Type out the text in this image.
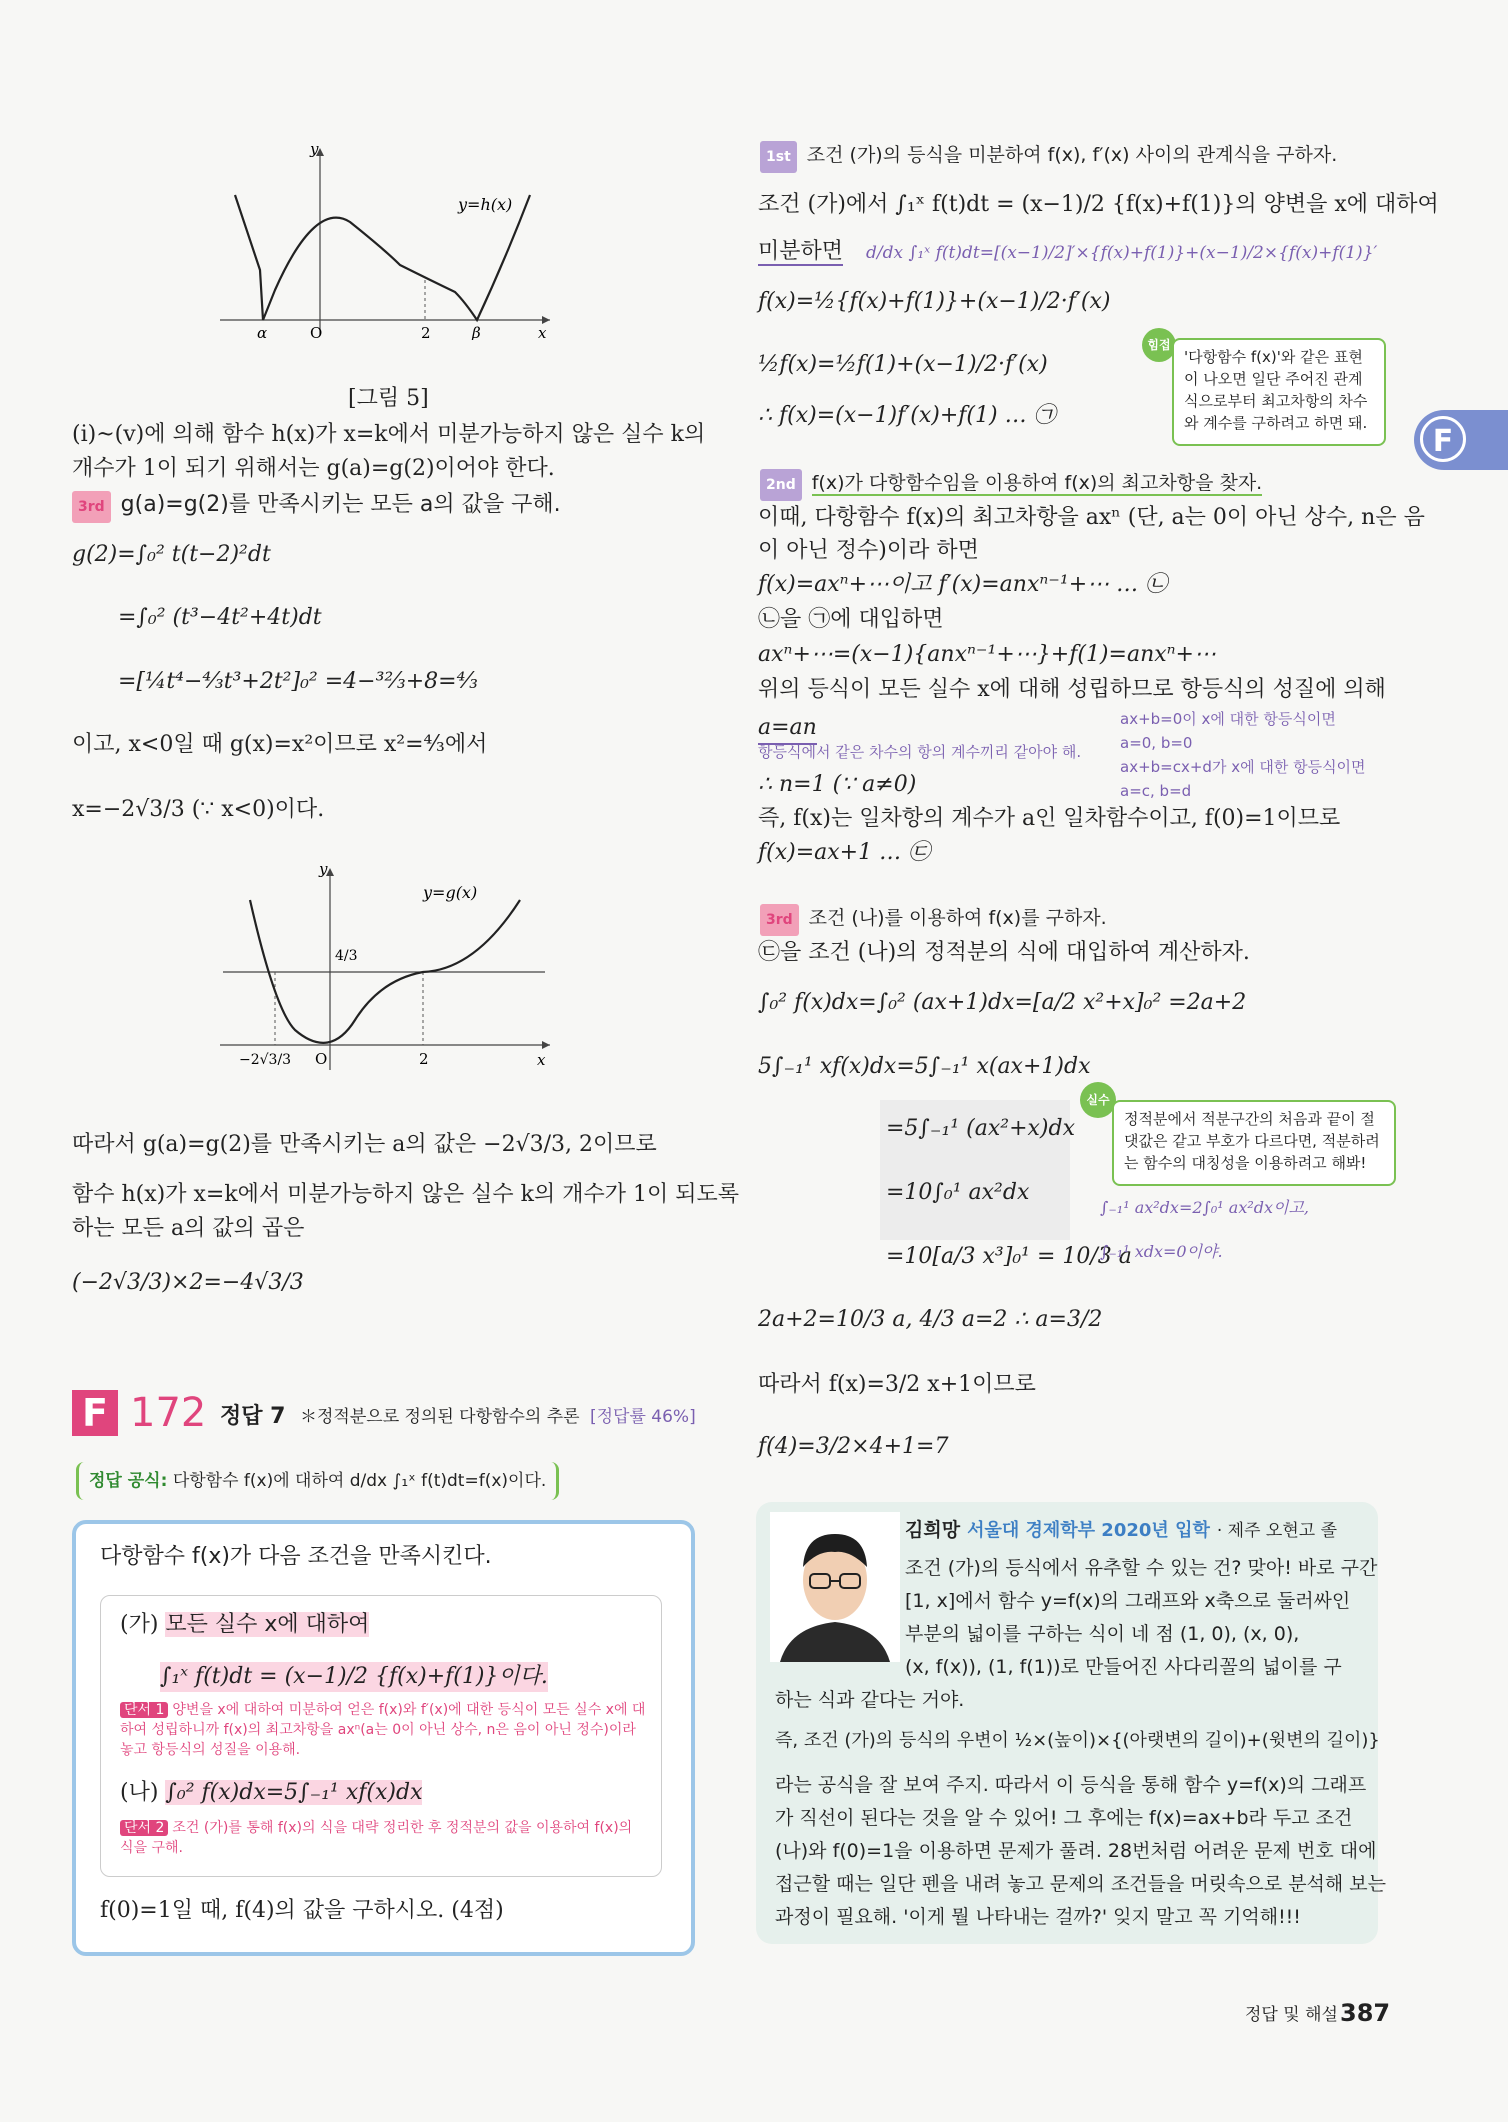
y
x
y=h(x)
α	O	2	β
[그림 5]
(i)~(v)에 의해 함수 h(x)가 x=k에서 미분가능하지 않은 실수 k의
개수가 1이 되기 위해서는 g(a)=g(2)이어야 한다.
3rd g(a)=g(2)를 만족시키는 모든 a의 값을 구해.
g(2)=∫₀² t(t−2)²dt
=∫₀² (t³−4t²+4t)dt
=[¼t⁴−⁴⁄₃t³+2t²]₀² =4−³²⁄₃+8=⁴⁄₃
이고, x<0일 때 g(x)=x²이므로 x²=⁴⁄₃에서
x=−2√3/3 (∵ x<0)이다.
y
x
y=g(x)
4/3
O	2
−2√3/3
따라서 g(a)=g(2)를 만족시키는 a의 값은 −2√3/3, 2이므로
함수 h(x)가 x=k에서 미분가능하지 않은 실수 k의 개수가 1이 되도록
하는 모든 a의 값의 곱은
(−2√3/3)×2=−4√3/3
F 172 정답 7 ＊정적분으로 정의된 다항함수의 추론 [정답률 46%]
정답 공식: 다항함수 f(x)에 대하여 d/dx ∫₁ˣ f(t)dt=f(x)이다.
다항함수 f(x)가 다음 조건을 만족시킨다.
(가) 모든 실수 x에 대하여
∫₁ˣ f(t)dt = (x−1)/2 {f(x)+f(1)}이다.
단서 1 양변을 x에 대하여 미분하여 얻은 f(x)와 f′(x)에 대한 등식이 모든 실수 x에 대하여 성립하니까 f(x)의 최고차항을 axⁿ(a는 0이 아닌 상수, n은 음이 아닌 정수)이라 놓고 항등식의 성질을 이용해.
(나) ∫₀² f(x)dx=5∫₋₁¹ xf(x)dx
단서 2 조건 (가)를 통해 f(x)의 식을 대략 정리한 후 정적분의 값을 이용하여 f(x)의 식을 구해.
f(0)=1일 때, f(4)의 값을 구하시오. (4점)
1st 조건 (가)의 등식을 미분하여 f(x), f′(x) 사이의 관계식을 구하자.
조건 (가)에서 ∫₁ˣ f(t)dt = (x−1)/2 {f(x)+f(1)}의 양변을 x에 대하여
미분하면 d/dx ∫₁ˣ f(t)dt=[(x−1)/2]′×{f(x)+f(1)}+(x−1)/2×{f(x)+f(1)}′
f(x)=½{f(x)+f(1)}+(x−1)/2·f′(x)
½f(x)=½f(1)+(x−1)/2·f′(x)
∴ f(x)=(x−1)f′(x)+f(1) … ㉠
힘접
'다항함수 f(x)'와 같은 표현이 나오면 일단 주어진 관계식으로부터 최고차항의 차수와 계수를 구하려고 하면 돼.
2nd f(x)가 다항함수임을 이용하여 f(x)의 최고차항을 찾자.
이때, 다항함수 f(x)의 최고차항을 axⁿ (단, a는 0이 아닌 상수, n은 음
이 아닌 정수)이라 하면
f(x)=axⁿ+⋯이고 f′(x)=anxⁿ⁻¹+⋯ … ㉡
㉡을 ㉠에 대입하면
axⁿ+⋯=(x−1){anxⁿ⁻¹+⋯}+f(1)=anxⁿ+⋯
위의 등식이 모든 실수 x에 대해 성립하므로 항등식의 성질에 의해
a=an
항등식에서 같은 차수의 항의 계수끼리 같아야 해.
ax+b=0이 x에 대한 항등식이면
a=0, b=0
ax+b=cx+d가 x에 대한 항등식이면
a=c, b=d
∴ n=1 (∵ a≠0)
즉, f(x)는 일차항의 계수가 a인 일차함수이고, f(0)=1이므로
f(x)=ax+1 … ㉢
3rd 조건 (나)를 이용하여 f(x)를 구하자.
㉢을 조건 (나)의 정적분의 식에 대입하여 계산하자.
∫₀² f(x)dx=∫₀² (ax+1)dx=[a/2 x²+x]₀² =2a+2
5∫₋₁¹ xf(x)dx=5∫₋₁¹ x(ax+1)dx
=5∫₋₁¹ (ax²+x)dx
=10∫₀¹ ax²dx
=10[a/3 x³]₀¹ = 10/3 a
∫₋₁¹ ax²dx=2∫₀¹ ax²dx이고,
∫₋₁¹ xdx=0이야.
실수
정적분에서 적분구간의 처음과 끝이 절댓값은 같고 부호가 다르다면, 적분하려는 함수의 대칭성을 이용하려고 해봐!
2a+2=10/3 a, 4/3 a=2 ∴ a=3/2
따라서 f(x)=3/2 x+1이므로
f(4)=3/2×4+1=7
김희망 서울대 경제학부 2020년 입학 · 제주 오현고 졸
조건 (가)의 등식에서 유추할 수 있는 건? 맞아! 바로 구간
[1, x]에서 함수 y=f(x)의 그래프와 x축으로 둘러싸인
부분의 넓이를 구하는 식이 네 점 (1, 0), (x, 0),
(x, f(x)), (1, f(1))로 만들어진 사다리꼴의 넓이를 구
하는 식과 같다는 거야.
즉, 조건 (가)의 등식의 우변이 ½×(높이)×{(아랫변의 길이)+(윗변의 길이)}
라는 공식을 잘 보여 주지. 따라서 이 등식을 통해 함수 y=f(x)의 그래프
가 직선이 된다는 것을 알 수 있어! 그 후에는 f(x)=ax+b라 두고 조건
(나)와 f(0)=1을 이용하면 문제가 풀려. 28번처럼 어려운 문제 번호 대에
접근할 때는 일단 펜을 내려 놓고 문제의 조건들을 머릿속으로 분석해 보는
과정이 필요해. '이게 뭘 나타내는 걸까?' 잊지 말고 꼭 기억해!!!
F
정답 및 해설 387
